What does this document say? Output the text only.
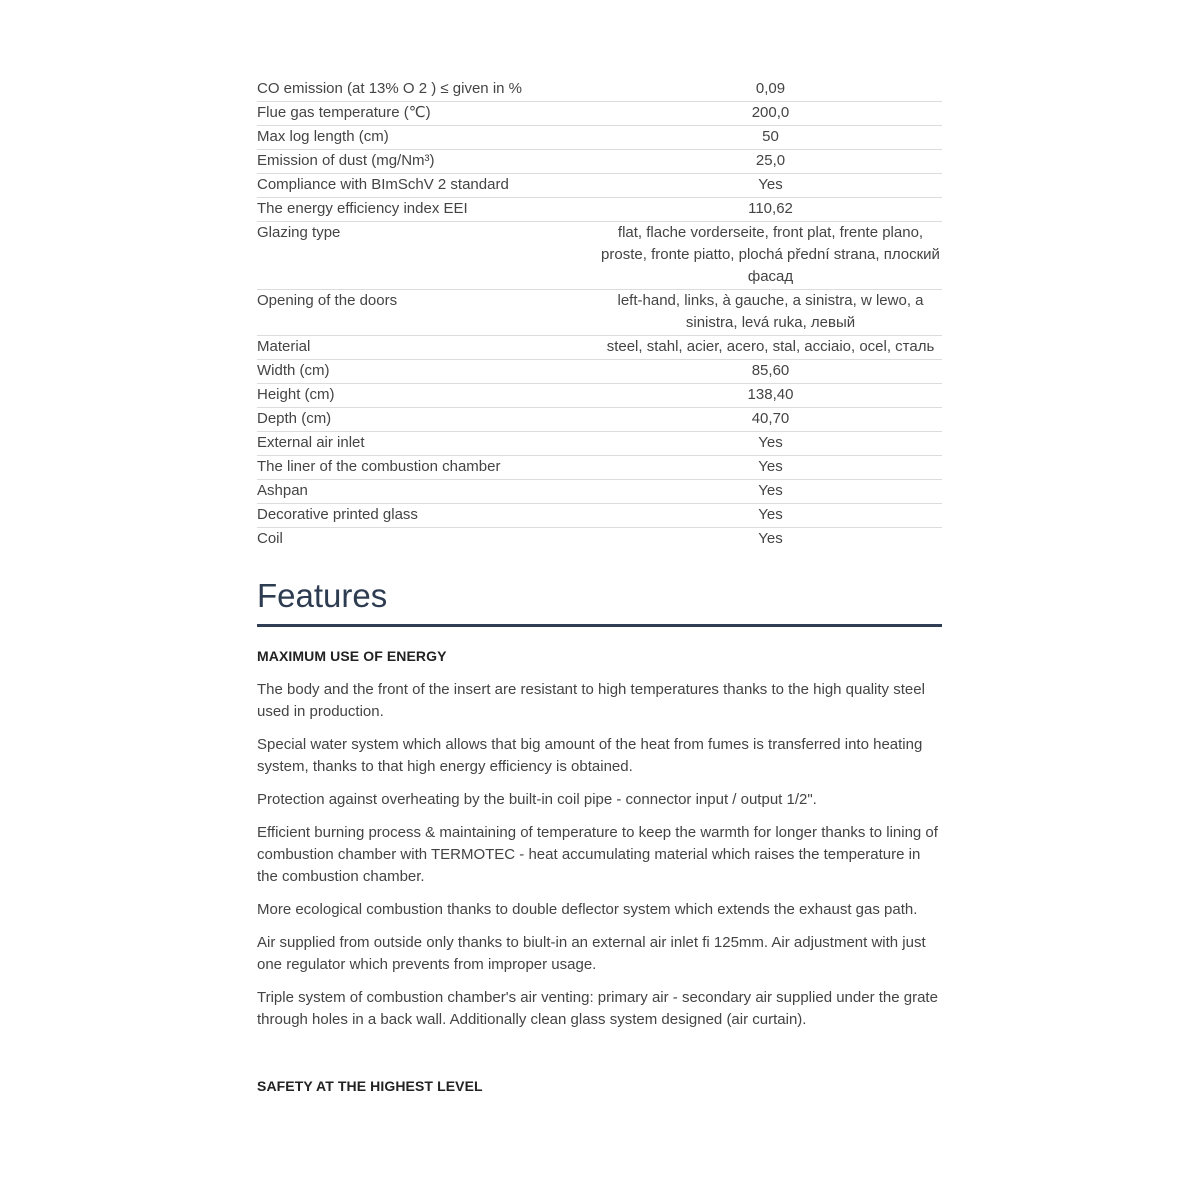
CO emission (at 13% O 2 ) ≤ given in %	0,09
Flue gas temperature (℃)	200,0
Max log length (cm)	50
Emission of dust (mg/Nm³)	25,0
Compliance with BImSchV 2 standard	Yes
The energy efficiency index EEI	110,62
Glazing type	flat, flache vorderseite, front plat, frente plano, proste, fronte piatto, plochá přední strana, плоский фасад
Opening of the doors	left-hand, links, à gauche, a sinistra, w lewo, a sinistra, levá ruka, левый
Material	steel, stahl, acier, acero, stal, acciaio, ocel, сталь
Width (cm)	85,60
Height (cm)	138,40
Depth (cm)	40,70
External air inlet	Yes
The liner of the combustion chamber	Yes
Ashpan	Yes
Decorative printed glass	Yes
Coil	Yes
Features
MAXIMUM USE OF ENERGY

The body and the front of the insert are resistant to high temperatures thanks to the high quality steel used in production.

Special water system which allows that big amount of the heat from fumes is transferred into heating system, thanks to that high energy efficiency is obtained.

Protection against overheating by the built-in coil pipe - connector input / output 1/2".

Efficient burning process & maintaining of temperature to keep the warmth for longer thanks to lining of combustion chamber with TERMOTEC - heat accumulating material which raises the temperature in the combustion chamber.

More ecological combustion thanks to double deflector system which extends the exhaust gas path.

Air supplied from outside only thanks to biult-in an external air inlet fi 125mm. Air adjustment with just one regulator which prevents from improper usage.

Triple system of combustion chamber's air venting: primary air - secondary air supplied under the grate through holes in a back wall. Additionally clean glass system designed (air curtain).

SAFETY AT THE HIGHEST LEVEL
